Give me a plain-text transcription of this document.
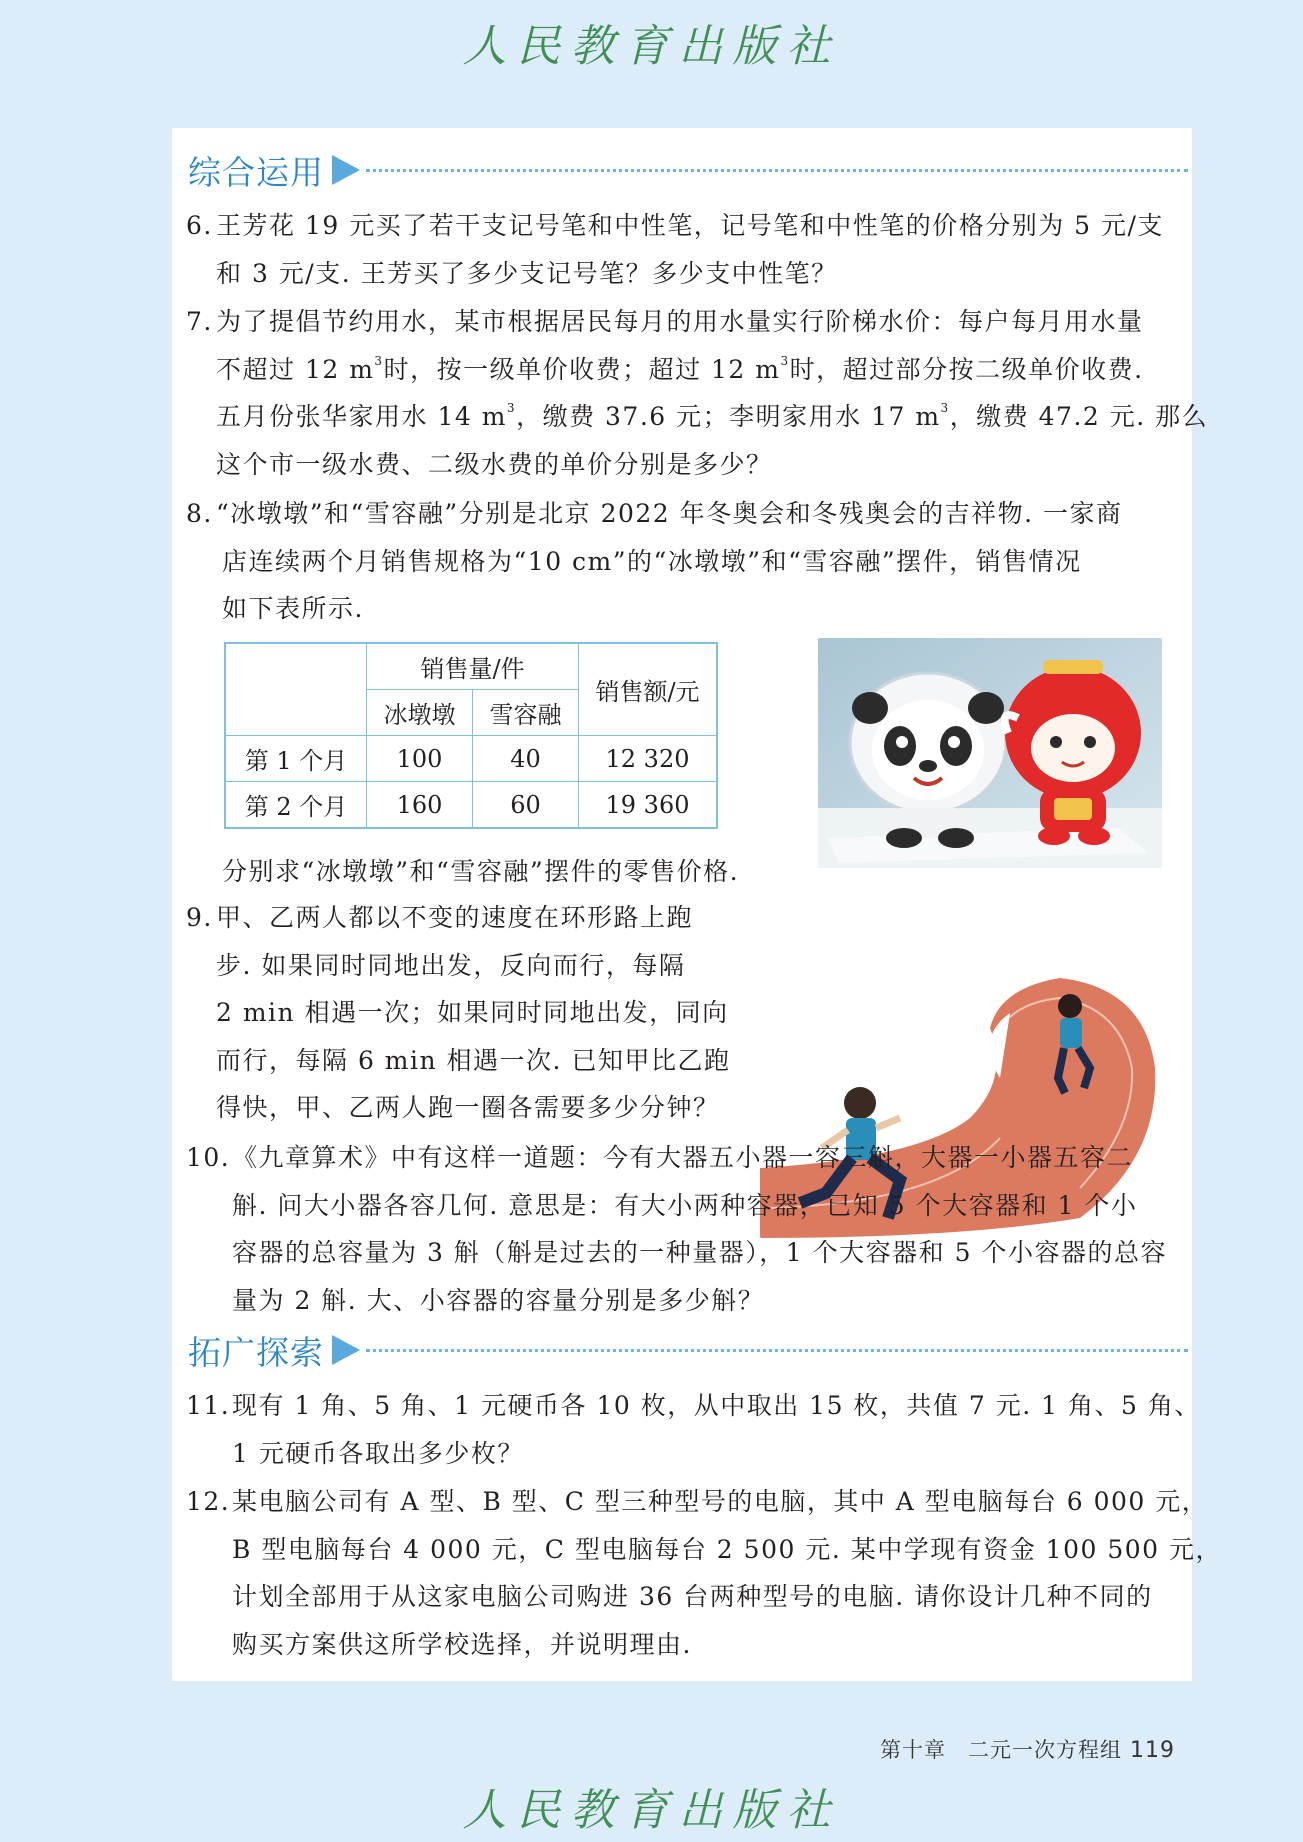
人民教育出版社
综合运用
6. 王芳花 19 元买了若干支记号笔和中性笔，记号笔和中性笔的价格分别为 5 元/支
和 3 元/支. 王芳买了多少支记号笔？多少支中性笔？
7. 为了提倡节约用水，某市根据居民每月的用水量实行阶梯水价：每户每月用水量
不超过 12 $m^3$时，按一级单价收费；超过 12 $m^3$时，超过部分按二级单价收费.
五月份张华家用水 14 $m^3$，缴费 37.6 元；李明家用水 17 $m^3$，缴费 47.2 元. 那么
这个市一级水费、二级水费的单价分别是多少？
8. “冰墩墩”和“雪容融”分别是北京 2022 年冬奥会和冬残奥会的吉祥物. 一家商
店连续两个月销售规格为“10 cm”的“冰墩墩”和“雪容融”摆件，销售情况
如下表所示.
	销售量/件		销售额/元
	冰墩墩	雪容融	
第 1 个月	100	40	12 320
第 2 个月	160	60	19 360
分别求“冰墩墩”和“雪容融”摆件的零售价格.
9. 甲、乙两人都以不变的速度在环形路上跑
步. 如果同时同地出发，反向而行，每隔
2 min 相遇一次；如果同时同地出发，同向
而行，每隔 6 min 相遇一次. 已知甲比乙跑
得快，甲、乙两人跑一圈各需要多少分钟？
10. 《九章算术》中有这样一道题：今有大器五小器一容三斛，大器一小器五容二
斛. 问大小器各容几何. 意思是：有大小两种容器，已知 5 个大容器和 1 个小
容器的总容量为 3 斛（斛是过去的一种量器），1 个大容器和 5 个小容器的总容
量为 2 斛. 大、小容器的容量分别是多少斛？
拓广探索
11. 现有 1 角、5 角、1 元硬币各 10 枚，从中取出 15 枚，共值 7 元. 1 角、5 角、
1 元硬币各取出多少枚？
12. 某电脑公司有 A 型、B 型、C 型三种型号的电脑，其中 A 型电脑每台 6 000 元，
B 型电脑每台 4 000 元，C 型电脑每台 2 500 元. 某中学现有资金 100 500 元，
计划全部用于从这家电脑公司购进 36 台两种型号的电脑. 请你设计几种不同的
购买方案供这所学校选择，并说明理由.
第十章　二元一次方程组 119
人民教育出版社
